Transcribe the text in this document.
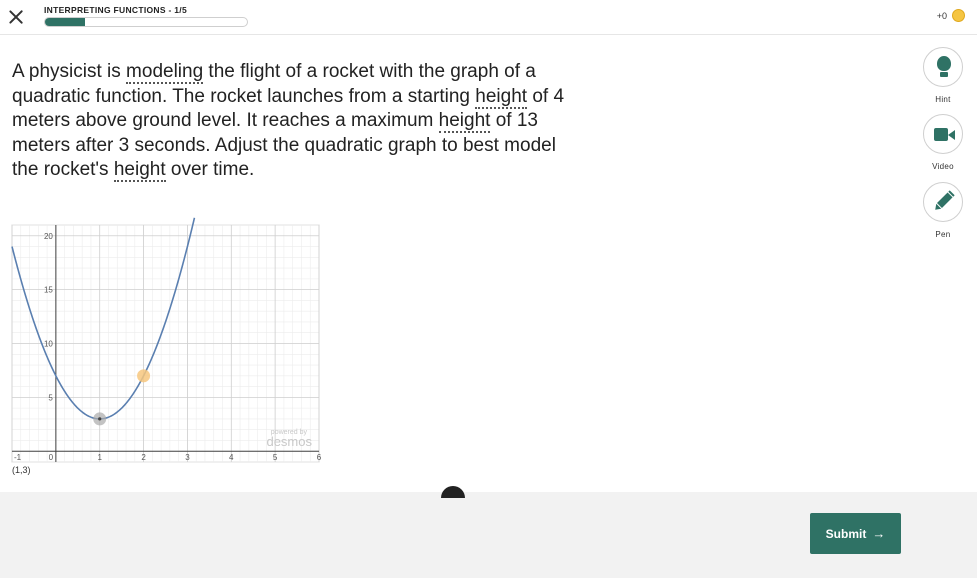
INTERPRETING FUNCTIONS - 1/5
+0
A physicist is modeling the flight of a rocket with the graph of a quadratic function. The rocket launches from a starting height of 4 meters above ground level. It reaches a maximum height of 13 meters after 3 seconds. Adjust the quadratic graph to best model the rocket's height over time.
-1	0	1	2	3	4	5	6
5
10
15
20
powered by
desmos
(1,3)
Hint
Video
Pen
Submit →
